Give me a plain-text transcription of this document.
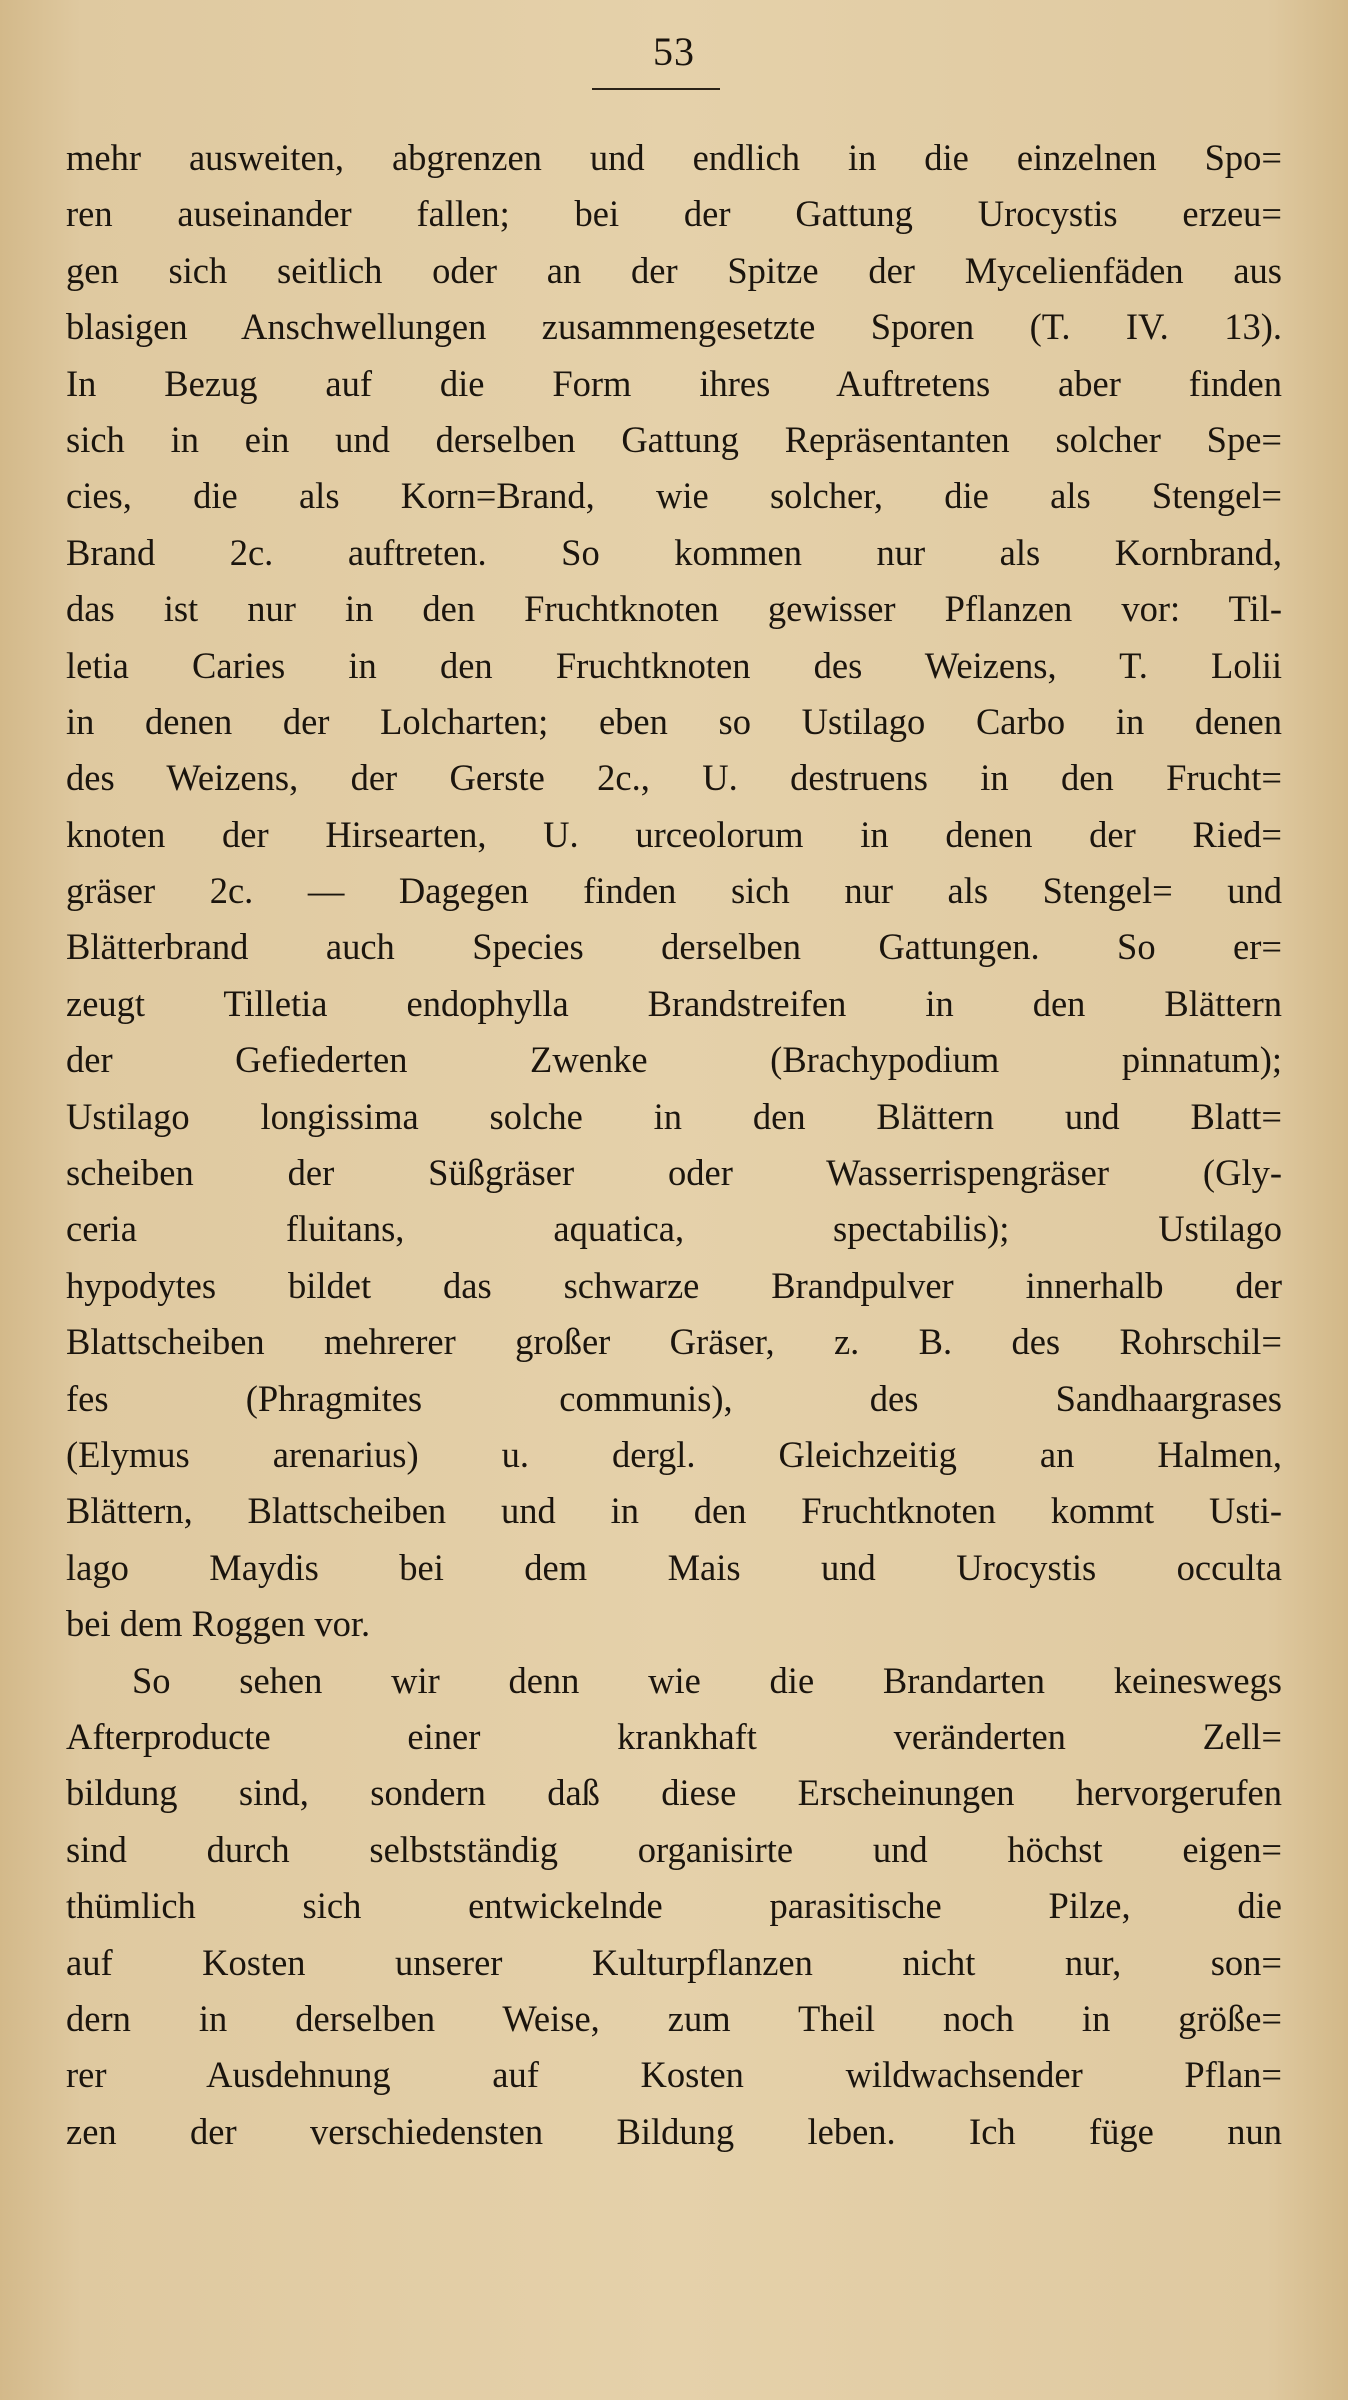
53
mehr ausweiten, abgrenzen und endlich in die einzelnen Spo=
ren auseinander fallen; bei der Gattung Urocystis erzeu=
gen sich seitlich oder an der Spitze der Mycelienfäden aus
blasigen Anschwellungen zusammengesetzte Sporen (T. IV. 13).
In Bezug auf die Form ihres Auftretens aber finden
sich in ein und derselben Gattung Repräsentanten solcher Spe=
cies, die als Korn=Brand, wie solcher, die als Stengel=
Brand 2c. auftreten. So kommen nur als Kornbrand,
das ist nur in den Fruchtknoten gewisser Pflanzen vor: Til-
letia Caries in den Fruchtknoten des Weizens, T. Lolii
in denen der Lolcharten; eben so Ustilago Carbo in denen
des Weizens, der Gerste 2c., U. destruens in den Frucht=
knoten der Hirsearten, U. urceolorum in denen der Ried=
gräser 2c. — Dagegen finden sich nur als Stengel= und
Blätterbrand auch Species derselben Gattungen. So er=
zeugt Tilletia endophylla Brandstreifen in den Blättern
der Gefiederten Zwenke (Brachypodium pinnatum);
Ustilago longissima solche in den Blättern und Blatt=
scheiben der Süßgräser oder Wasserrispengräser (Gly-
ceria fluitans, aquatica, spectabilis); Ustilago
hypodytes bildet das schwarze Brandpulver innerhalb der
Blattscheiben mehrerer großer Gräser, z. B. des Rohrschil=
fes (Phragmites communis), des Sandhaargrases
(Elymus arenarius) u. dergl. Gleichzeitig an Halmen,
Blättern, Blattscheiben und in den Fruchtknoten kommt Usti-
lago Maydis bei dem Mais und Urocystis occulta
bei dem Roggen vor.
So sehen wir denn wie die Brandarten keineswegs
Afterproducte einer krankhaft veränderten Zell=
bildung sind, sondern daß diese Erscheinungen hervorgerufen
sind durch selbstständig organisirte und höchst eigen=
thümlich sich entwickelnde parasitische Pilze, die
auf Kosten unserer Kulturpflanzen nicht nur, son=
dern in derselben Weise, zum Theil noch in größe=
rer Ausdehnung auf Kosten wildwachsender Pflan=
zen der verschiedensten Bildung leben. Ich füge nun
